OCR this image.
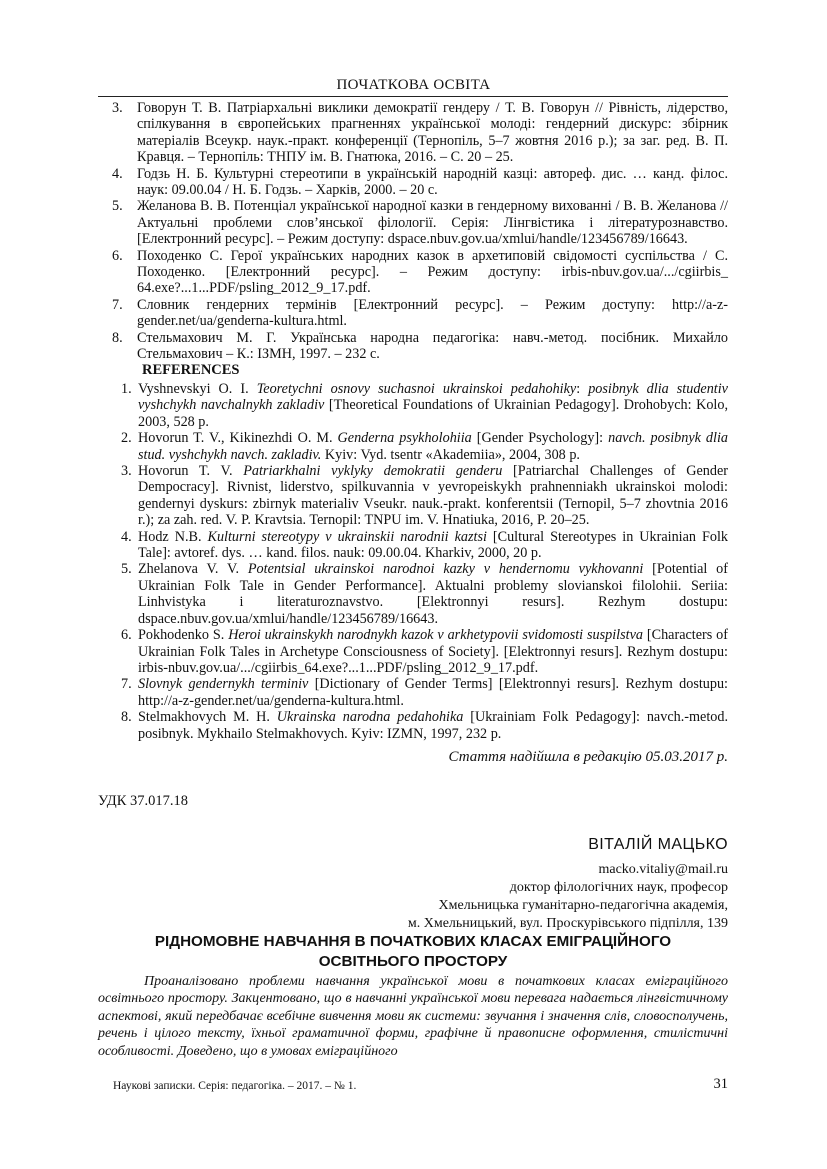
ПОЧАТКОВА ОСВІТА
3.	Говорун Т. В. Патріархальні виклики демократії гендеру / Т. В. Говорун // Рівність, лідерство, спілкування в європейських прагненнях української молоді: гендерний дискурс: збірник матеріалів Всеукр. наук.-практ. конференції (Тернопіль, 5–7 жовтня 2016 р.); за заг. ред. В. П. Кравця. – Тернопіль: ТНПУ ім. В. Гнатюка, 2016. – С. 20 – 25.
4.	Годзь Н. Б. Культурні стереотипи в українській народній казці: автореф. дис. … канд. філос. наук: 09.00.04 / Н. Б. Годзь. – Харків, 2000. – 20 с.
5.	Желанова В. В. Потенціал української народної казки в гендерному вихованні / В. В. Желанова // Актуальні проблеми слов’янської філології. Серія: Лінгвістика і літературознавство. [Електронний ресурс]. – Режим доступу: dspace.nbuv.gov.ua/xmlui/handle/123456789/16643.
6.	Походенко С. Герої українських народних казок в архетиповій свідомості суспільства / С. Походенко. [Електронний ресурс]. – Режим доступу: irbis-nbuv.gov.ua/.../cgiirbis_ 64.exe?...1...PDF/psling_2012_9_17.pdf.
7.	Словник гендерних термінів [Електронний ресурс]. – Режим доступу: http://a-z-gender.net/ua/genderna-kultura.html.
8.	Стельмахович М. Г. Українська народна педагогіка: навч.-метод. посібник. Михайло Стельмахович – К.: ІЗМН, 1997. – 232 с.
REFERENCES
1. Vyshnevskyi O. I. Teoretychni osnovy suchasnoi ukrainskoi pedahohiky: posibnyk dlia studentiv vyshchykh navchalnykh zakladiv [Theoretical Foundations of Ukrainian Pedagogy]. Drohobych: Kolo, 2003, 528 p.
2. Hovorun T. V., Kikinezhdi O. M. Genderna psykholohiia [Gender Psychology]: navch. posibnyk dlia stud. vyshchykh navch. zakladiv. Kyiv: Vyd. tsentr «Akademiia», 2004, 308 p.
3. Hovorun T. V. Patriarkhalni vyklyky demokratii genderu [Patriarchal Challenges of Gender Dempocracy]. Rivnist, liderstvo, spilkuvannia v yevropeiskykh prahnenniakh ukrainskoi molodi: gendernyi dyskurs: zbirnyk materialiv Vseukr. nauk.-prakt. konferentsii (Ternopil, 5–7 zhovtnia 2016 r.); za zah. red. V. P. Kravtsia. Ternopil: TNPU im. V. Hnatiuka, 2016, P. 20–25.
4. Hodz N.B. Kulturni stereotypy v ukrainskii narodnii kaztsi [Cultural Stereotypes in Ukrainian Folk Tale]: avtoref. dys. … kand. filos. nauk: 09.00.04. Kharkiv, 2000, 20 p.
5. Zhelanova V. V. Potentsial ukrainskoi narodnoi kazky v hendernomu vykhovanni [Potential of Ukrainian Folk Tale in Gender Performance]. Aktualni problemy slovianskoi filolohii. Seriia: Linhvistyka i literaturoznavstvo. [Elektronnyi resurs]. Rezhym dostupu: dspace.nbuv.gov.ua/xmlui/handle/123456789/16643.
6. Pokhodenko S. Heroi ukrainskykh narodnykh kazok v arkhetypovii svidomosti suspilstva [Characters of Ukrainian Folk Tales in Archetype Consciousness of Society]. [Elektronnyi resurs]. Rezhym dostupu: irbis-nbuv.gov.ua/.../cgiirbis_64.exe?...1...PDF/psling_2012_9_17.pdf.
7. Slovnyk gendernykh terminiv [Dictionary of Gender Terms] [Elektronnyi resurs]. Rezhym dostupu: http://a-z-gender.net/ua/genderna-kultura.html.
8. Stelmakhovych M. H. Ukrainska narodna pedahohika [Ukrainiam Folk Pedagogy]: navch.-metod. posibnyk. Mykhailo Stelmakhovych. Kyiv: IZMN, 1997, 232 p.
Стаття надійшла в редакцію 05.03.2017 р.
УДК 37.017.18
ВІТАЛІЙ МАЦЬКО
macko.vitaliy@mail.ru
доктор філологічних наук, професор
Хмельницька гуманітарно-педагогічна академія,
м. Хмельницький, вул. Проскурівського підпілля, 139
РІДНОМОВНЕ НАВЧАННЯ В ПОЧАТКОВИХ КЛАСАХ ЕМІГРАЦІЙНОГО
ОСВІТНЬОГО ПРОСТОРУ
Проаналізовано проблеми навчання української мови в початкових класах еміграційного освітнього простору. Закцентовано, що в навчанні української мови перевага надається лінгвістичному аспектові, який передбачає всебічне вивчення мови як системи: звучання і значення слів, словосполучень, речень і цілого тексту, їхньої граматичної форми, графічне й правописне оформлення, стилістичні особливості. Доведено, що в умовах еміграційного
Наукові записки. Серія: педагогіка. – 2017. – № 1.	31
